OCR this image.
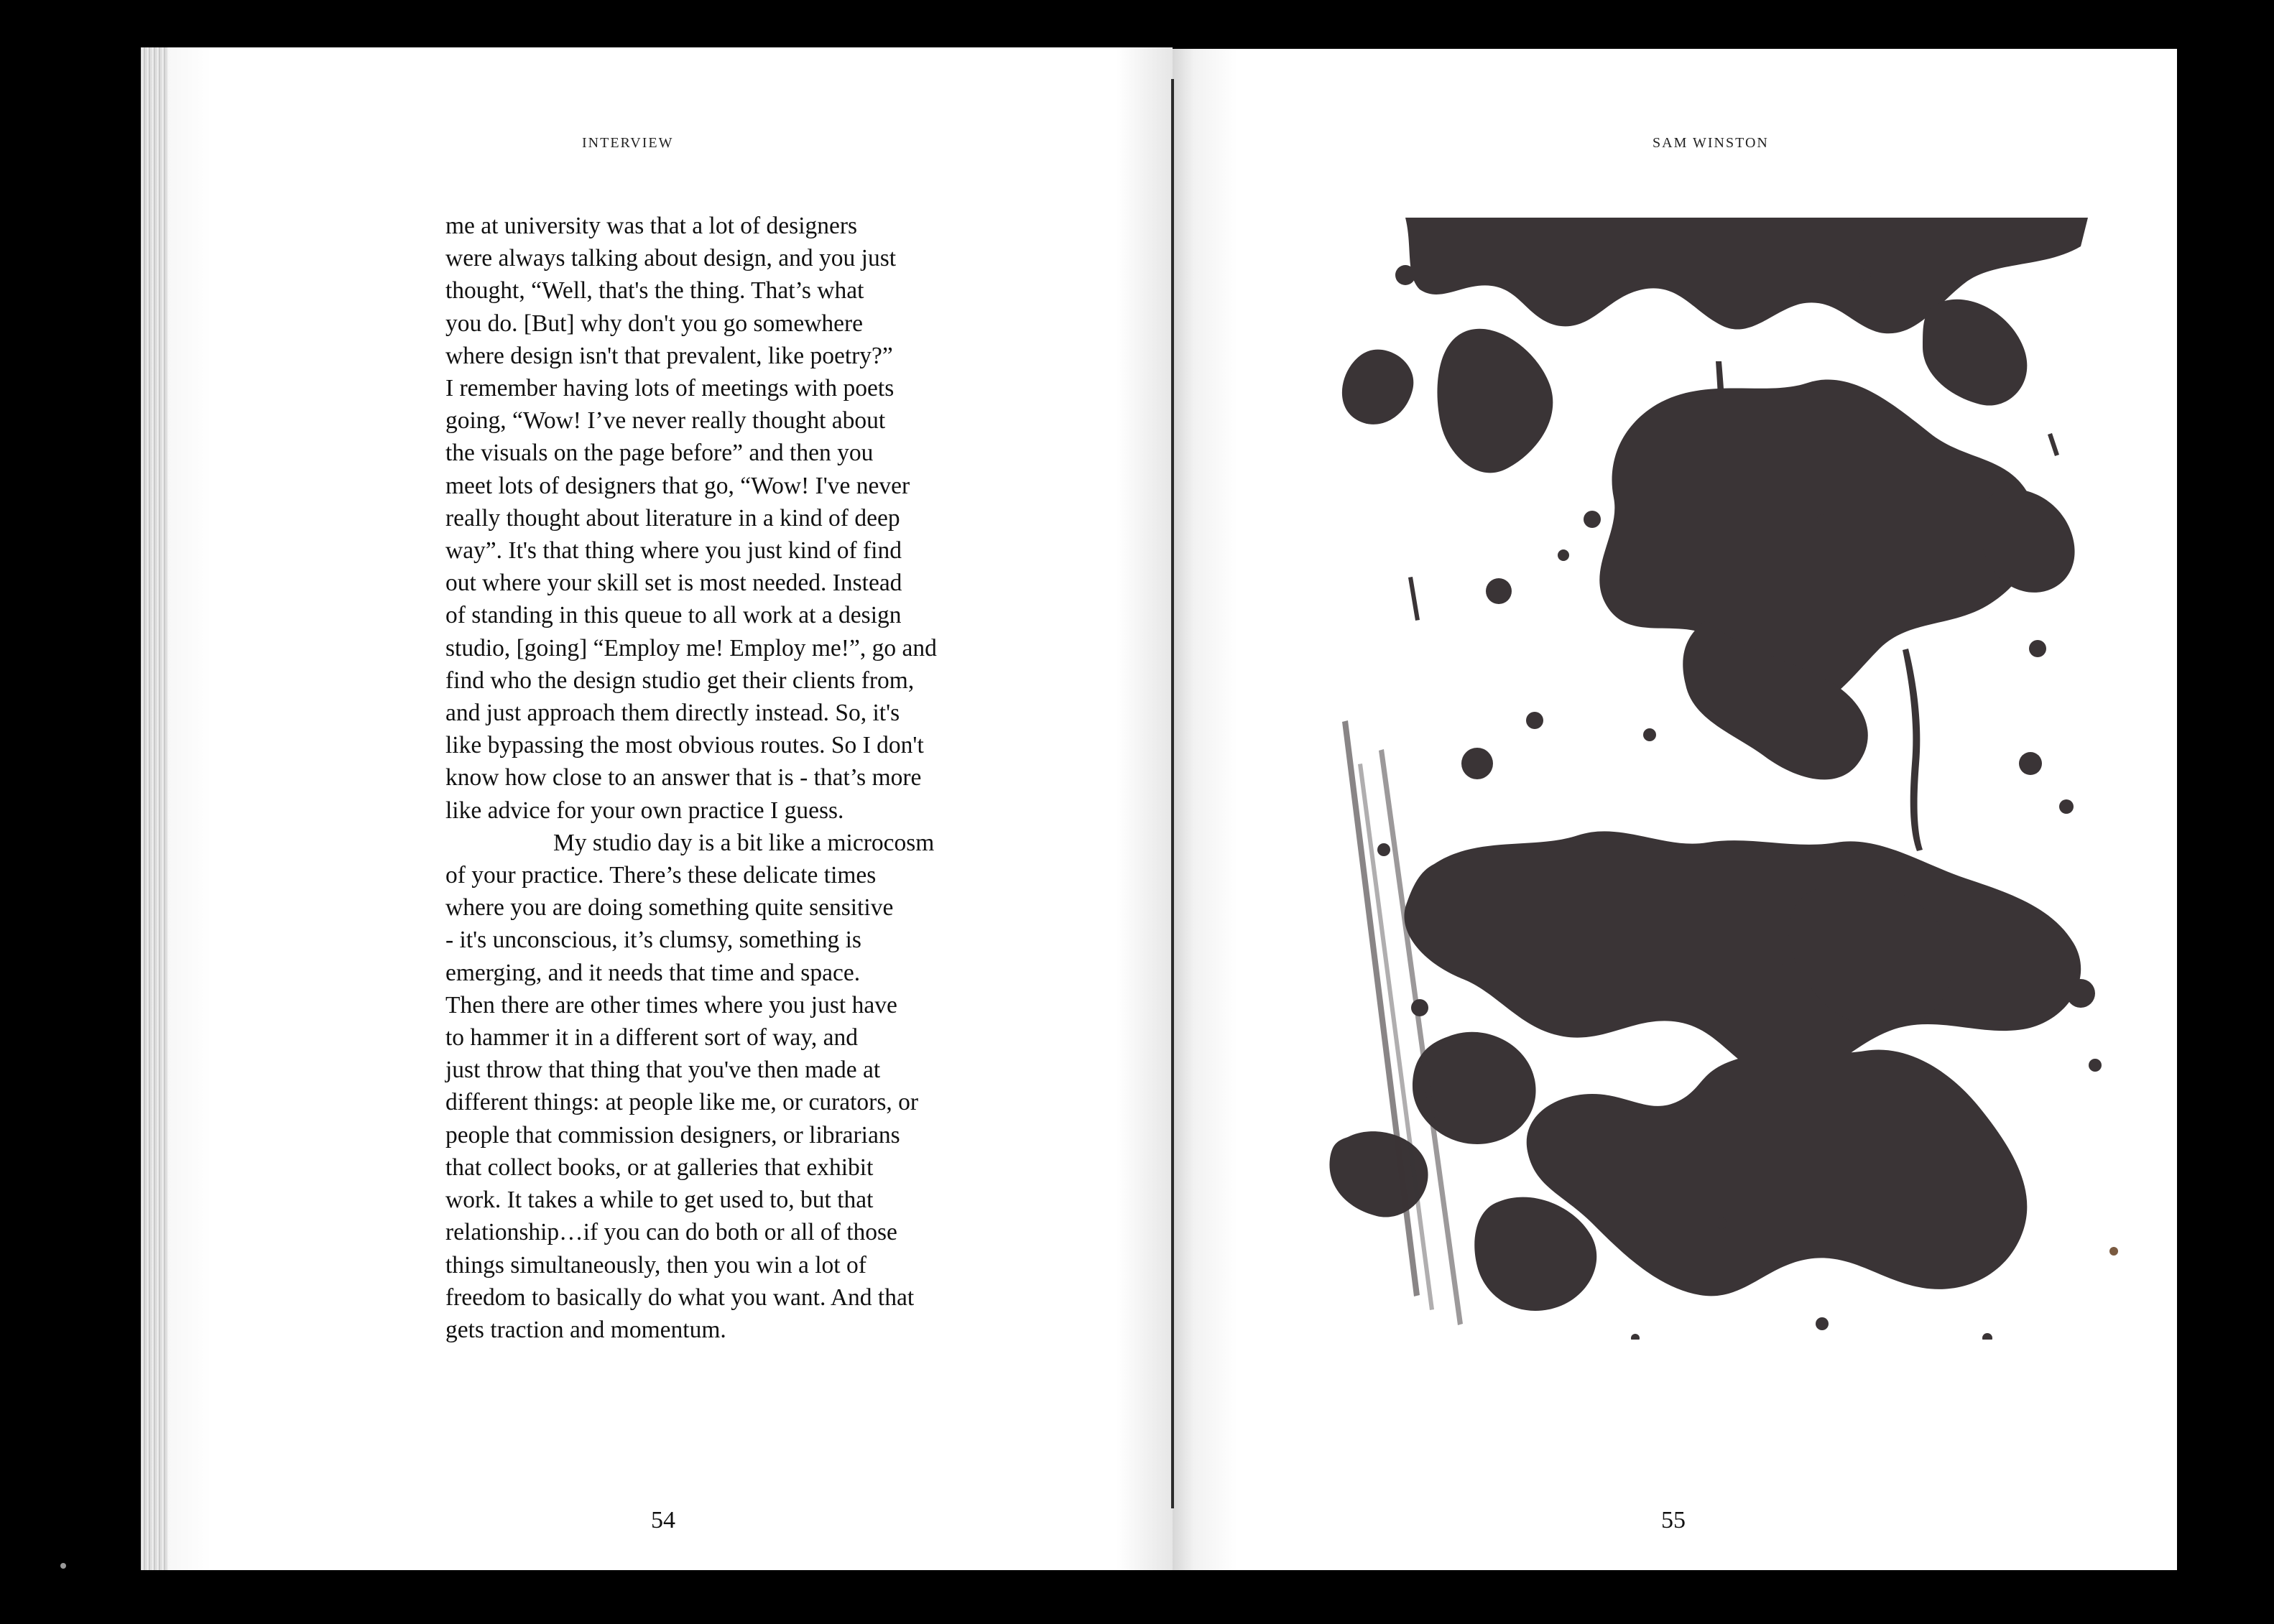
INTERVIEW	SAM WINSTON
me at university was that a lot of designers
were always talking about design, and you just
thought, “Well, that's the thing. That’s what
you do. [But] why don't you go somewhere
where design isn't that prevalent, like poetry?”
I remember having lots of meetings with poets
going, “Wow! I’ve never really thought about
the visuals on the page before” and then you
meet lots of designers that go, “Wow! I've never
really thought about literature in a kind of deep
way”. It's that thing where you just kind of find
out where your skill set is most needed. Instead
of standing in this queue to all work at a design
studio, [going] “Employ me! Employ me!”, go and
find who the design studio get their clients from,
and just approach them directly instead. So, it's
like bypassing the most obvious routes. So I don't
know how close to an answer that is - that’s more
like advice for your own practice I guess.
My studio day is a bit like a microcosm
of your practice. There’s these delicate times
where you are doing something quite sensitive
- it's unconscious, it’s clumsy, something is
emerging, and it needs that time and space.
Then there are other times where you just have
to hammer it in a different sort of way, and
just throw that thing that you've then made at
different things: at people like me, or curators, or
people that commission designers, or librarians
that collect books, or at galleries that exhibit
work. It takes a while to get used to, but that
relationship…if you can do both or all of those
things simultaneously, then you win a lot of
freedom to basically do what you want. And that
gets traction and momentum.
54	55
